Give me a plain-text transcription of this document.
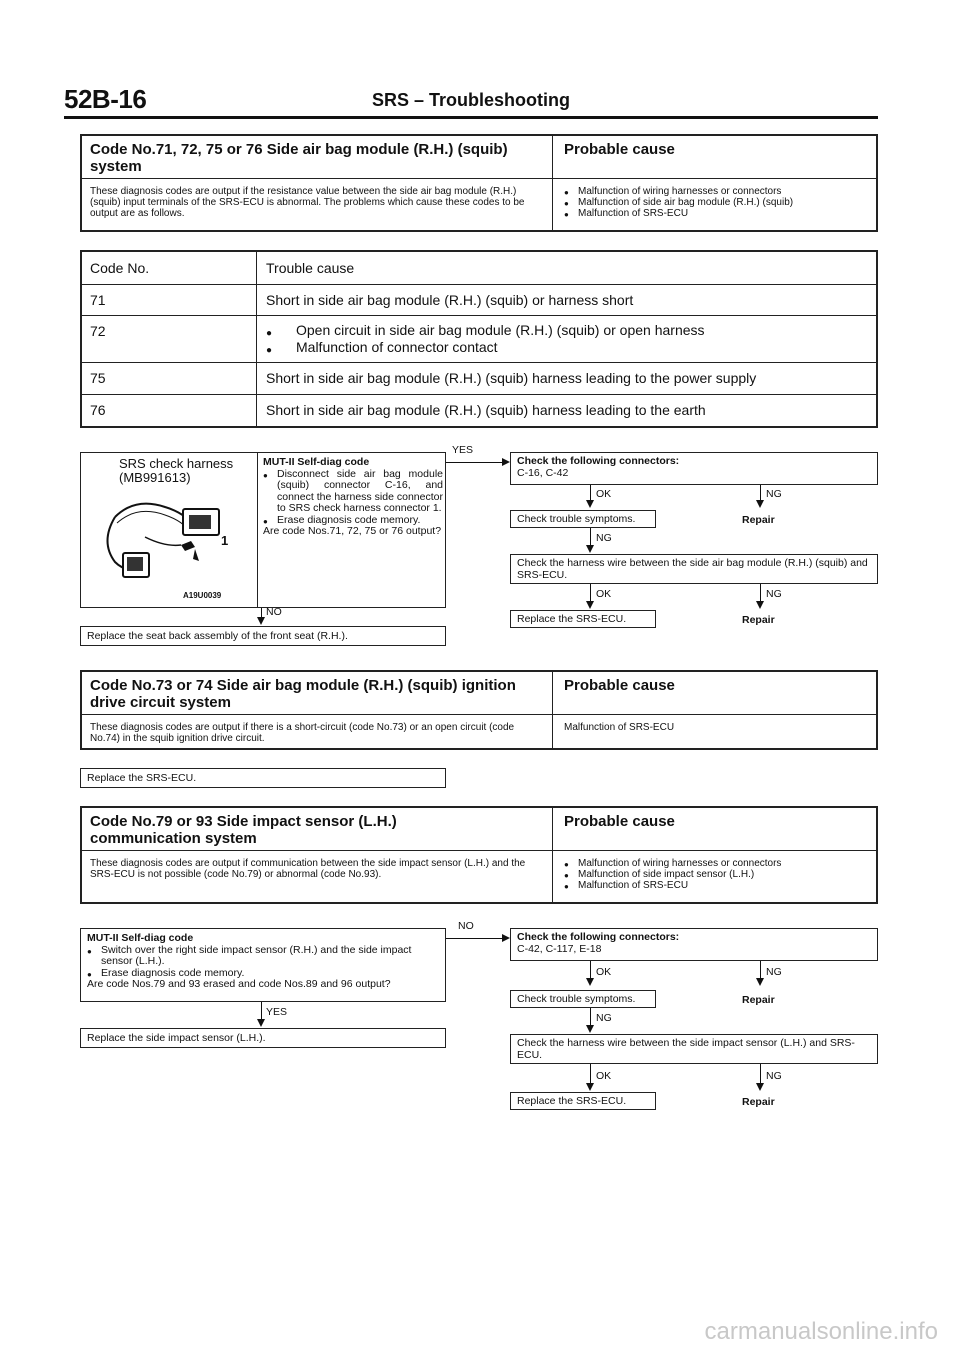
52B-16	SRS – Troubleshooting
Code No.71, 72, 75 or 76 Side air bag module (R.H.) (squib) system
Probable cause
These diagnosis codes are output if the resistance value between the side air bag module (R.H.) (squib) input terminals of the SRS-ECU is abnormal. The problems which cause these codes to be output are as follows.
● Malfunction of wiring harnesses or connectors
● Malfunction of side air bag module (R.H.) (squib)
● Malfunction of SRS-ECU
Code No.	Trouble cause
71	Short in side air bag module (R.H.) (squib) or harness short
72
●	Open circuit in side air bag module (R.H.) (squib) or open harness
● Malfunction of connector contact
75	Short in side air bag module (R.H.) (squib) harness leading to the power supply
76	Short in side air bag module (R.H.) (squib) harness leading to the earth
SRS check harness
(MB991613)
1
A19U0039
MUT-II Self-diag code
● Disconnect side air bag module (squib) connector C-16, and connect the harness side connector to SRS check harness connector 1.
● Erase diagnosis code memory.
Are code Nos.71, 72, 75 or 76 output?
YES
NO
Replace the seat back assembly of the front seat (R.H.).
Check the following connectors:
C-16, C-42
OK	NG
Check trouble symptoms.	Repair
NG
Check the harness wire between the side air bag module (R.H.) (squib) and SRS-ECU.
OK	NG
Replace the SRS-ECU.	Repair
Code No.73 or 74 Side air bag module (R.H.) (squib) ignition drive circuit system
Probable cause
These diagnosis codes are output if there is a short-circuit (code No.73) or an open circuit (code No.74) in the squib ignition drive circuit.
Malfunction of SRS-ECU
Replace the SRS-ECU.
Code No.79 or 93 Side impact sensor (L.H.) communication system
Probable cause
These diagnosis codes are output if communication between the side impact sensor (L.H.) and the SRS-ECU is not possible (code No.79) or abnormal (code No.93).
● Malfunction of wiring harnesses or connectors
● Malfunction of side impact sensor (L.H.)
● Malfunction of SRS-ECU
MUT-II Self-diag code
● Switch over the right side impact sensor (R.H.) and the side impact sensor (L.H.).
● Erase diagnosis code memory.
Are code Nos.79 and 93 erased and code Nos.89 and 96 output?
NO
YES
Replace the side impact sensor (L.H.).
Check the following connectors:
C-42, C-117, E-18
OK	NG
Check trouble symptoms.	Repair
NG
Check the harness wire between the side impact sensor (L.H.) and SRS-ECU.
OK	NG
Replace the SRS-ECU.	Repair
carmanualsonline.info
